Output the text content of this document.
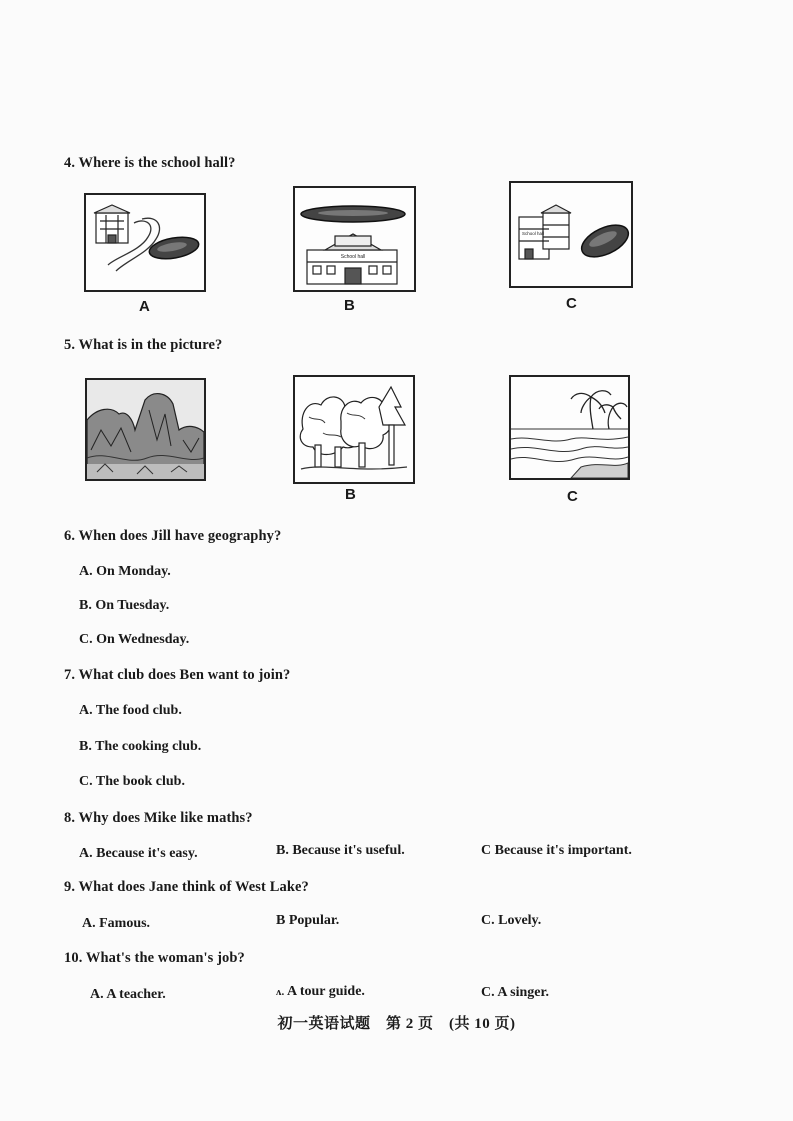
4. Where is the school hall?
A
School hall
B
School hall
C
5. What is in the picture?
B	C
6. When does Jill have geography?
A. On Monday.
B. On Tuesday.
C. On Wednesday.
7. What club does Ben want to join?
A. The food club.
B. The cooking club.
C. The book club.
8. Why does Mike like maths?
A. Because it's easy.	B. Because it's useful.	C Because it's important.
9. What does Jane think of West Lake?
A. Famous.	B Popular.	C. Lovely.
10. What's the woman's job?
A. A teacher.	ʌ. A tour guide.	C. A singer.
初一英语试题　第 2 页　(共 10 页)
